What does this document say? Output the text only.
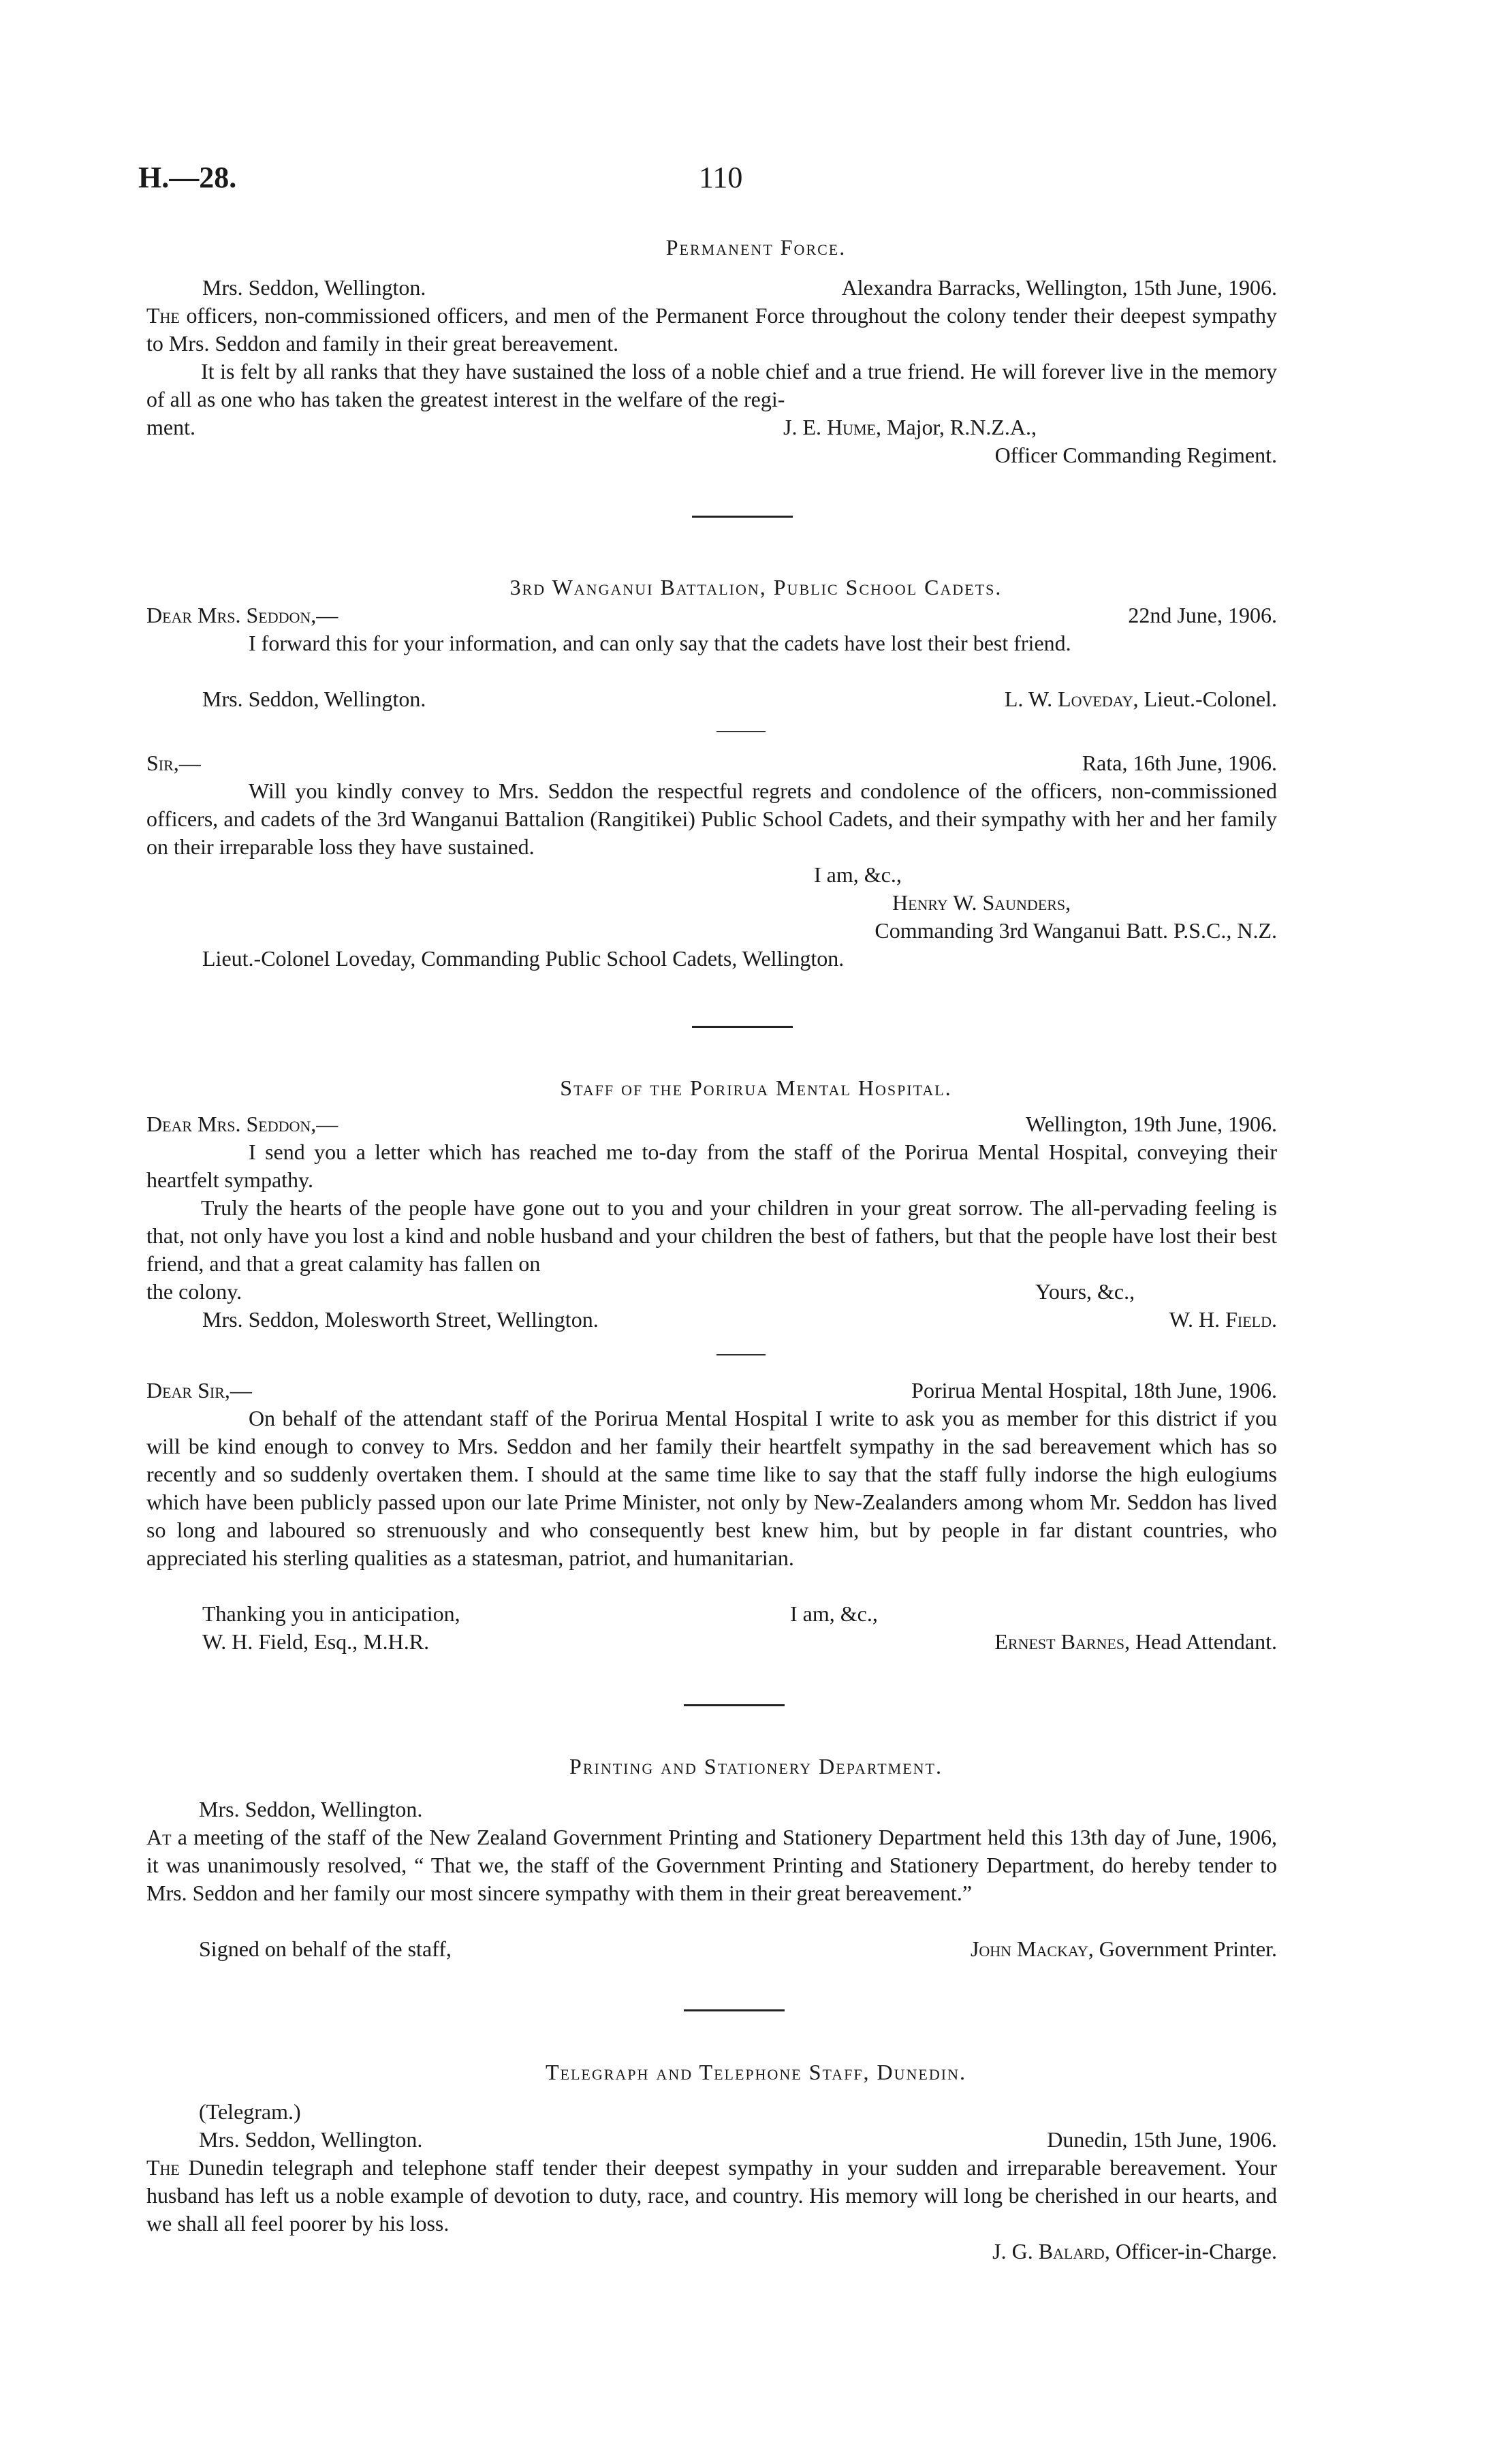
H.—28.	110
Permanent Force.
Mrs. Seddon, Wellington.	Alexandra Barracks, Wellington, 15th June, 1906.
The officers, non-commissioned officers, and men of the Permanent Force throughout the colony tender their deepest sympathy to Mrs. Seddon and family in their great bereavement.
It is felt by all ranks that they have sustained the loss of a noble chief and a true friend. He will forever live in the memory of all as one who has taken the greatest interest in the welfare of the regi-
ment.	J. E. Hume, Major, R.N.Z.A.,
Officer Commanding Regiment.
3rd Wanganui Battalion, Public School Cadets.
Dear Mrs. Seddon,—	22nd June, 1906.
I forward this for your information, and can only say that the cadets have lost their best friend.
Mrs. Seddon, Wellington.	L. W. Loveday, Lieut.-Colonel.
Sir,—	Rata, 16th June, 1906.
Will you kindly convey to Mrs. Seddon the respectful regrets and condolence of the officers, non-commissioned officers, and cadets of the 3rd Wanganui Battalion (Rangitikei) Public School Cadets, and their sympathy with her and her family on their irreparable loss they have sustained.
I am, &c.,
Henry W. Saunders,
Commanding 3rd Wanganui Batt. P.S.C., N.Z.
Lieut.-Colonel Loveday, Commanding Public School Cadets, Wellington.
Staff of the Porirua Mental Hospital.
Dear Mrs. Seddon,—	Wellington, 19th June, 1906.
I send you a letter which has reached me to-day from the staff of the Porirua Mental Hospital, conveying their heartfelt sympathy.
Truly the hearts of the people have gone out to you and your children in your great sorrow. The all-pervading feeling is that, not only have you lost a kind and noble husband and your children the best of fathers, but that the people have lost their best friend, and that a great calamity has fallen on
the colony.	Yours, &c.,
Mrs. Seddon, Molesworth Street, Wellington.	W. H. Field.
Dear Sir,—	Porirua Mental Hospital, 18th June, 1906.
On behalf of the attendant staff of the Porirua Mental Hospital I write to ask you as member for this district if you will be kind enough to convey to Mrs. Seddon and her family their heartfelt sympathy in the sad bereavement which has so recently and so suddenly overtaken them. I should at the same time like to say that the staff fully indorse the high eulogiums which have been publicly passed upon our late Prime Minister, not only by New-Zealanders among whom Mr. Seddon has lived so long and laboured so strenuously and who consequently best knew him, but by people in far distant countries, who appreciated his sterling qualities as a statesman, patriot, and humanitarian.
Thanking you in anticipation,	I am, &c.,
W. H. Field, Esq., M.H.R.	Ernest Barnes, Head Attendant.
Printing and Stationery Department.
Mrs. Seddon, Wellington.
At a meeting of the staff of the New Zealand Government Printing and Stationery Department held this 13th day of June, 1906, it was unanimously resolved, “ That we, the staff of the Government Printing and Stationery Department, do hereby tender to Mrs. Seddon and her family our most sincere sympathy with them in their great bereavement.”
Signed on behalf of the staff,	John Mackay, Government Printer.
Telegraph and Telephone Staff, Dunedin.
(Telegram.)
Mrs. Seddon, Wellington.	Dunedin, 15th June, 1906.
The Dunedin telegraph and telephone staff tender their deepest sympathy in your sudden and irreparable bereavement. Your husband has left us a noble example of devotion to duty, race, and country. His memory will long be cherished in our hearts, and we shall all feel poorer by his loss.
J. G. Balard, Officer-in-Charge.
